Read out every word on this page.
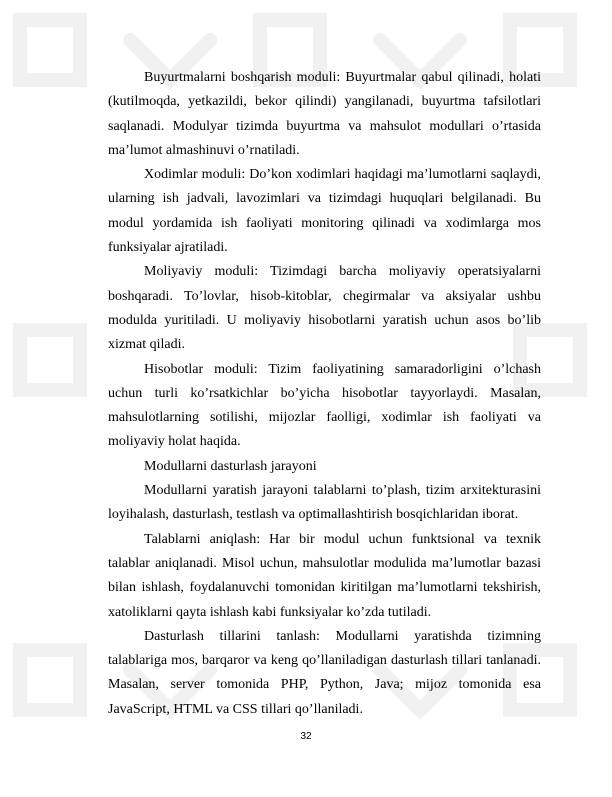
Buyurtmalarni boshqarish moduli: Buyurtmalar qabul qilinadi, holati (kutilmoqda, yetkazildi, bekor qilindi) yangilanadi, buyurtma tafsilotlari saqlanadi. Modulyar tizimda buyurtma va mahsulot modullari o’rtasida ma’lumot almashinuvi o’rnatiladi.

Xodimlar moduli: Do’kon xodimlari haqidagi ma’lumotlarni saqlaydi, ularning ish jadvali, lavozimlari va tizimdagi huquqlari belgilanadi. Bu modul yordamida ish faoliyati monitoring qilinadi va xodimlarga mos funksiyalar ajratiladi.

Moliyaviy moduli: Tizimdagi barcha moliyaviy operatsiyalarni boshqaradi. To’lovlar, hisob-kitoblar, chegirmalar va aksiyalar ushbu modulda yuritiladi. U moliyaviy hisobotlarni yaratish uchun asos bo’lib xizmat qiladi.

Hisobotlar moduli: Tizim faoliyatining samaradorligini o’lchash uchun turli ko’rsatkichlar bo’yicha hisobotlar tayyorlaydi. Masalan, mahsulotlarning sotilishi, mijozlar faolligi, xodimlar ish faoliyati va moliyaviy holat haqida.

Modullarni dasturlash jarayoni

Modullarni yaratish jarayoni talablarni to’plash, tizim arxitekturasini loyihalash, dasturlash, testlash va optimallashtirish bosqichlaridan iborat.

Talablarni aniqlash: Har bir modul uchun funktsional va texnik talablar aniqlanadi. Misol uchun, mahsulotlar modulida ma’lumotlar bazasi bilan ishlash, foydalanuvchi tomonidan kiritilgan ma’lumotlarni tekshirish, xatoliklarni qayta ishlash kabi funksiyalar ko’zda tutiladi.

Dasturlash tillarini tanlash: Modullarni yaratishda tizimning talablariga mos, barqaror va keng qo’llaniladigan dasturlash tillari tanlanadi. Masalan, server tomonida PHP, Python, Java; mijoz tomonida esa JavaScript, HTML va CSS tillari qo’llaniladi.

32
